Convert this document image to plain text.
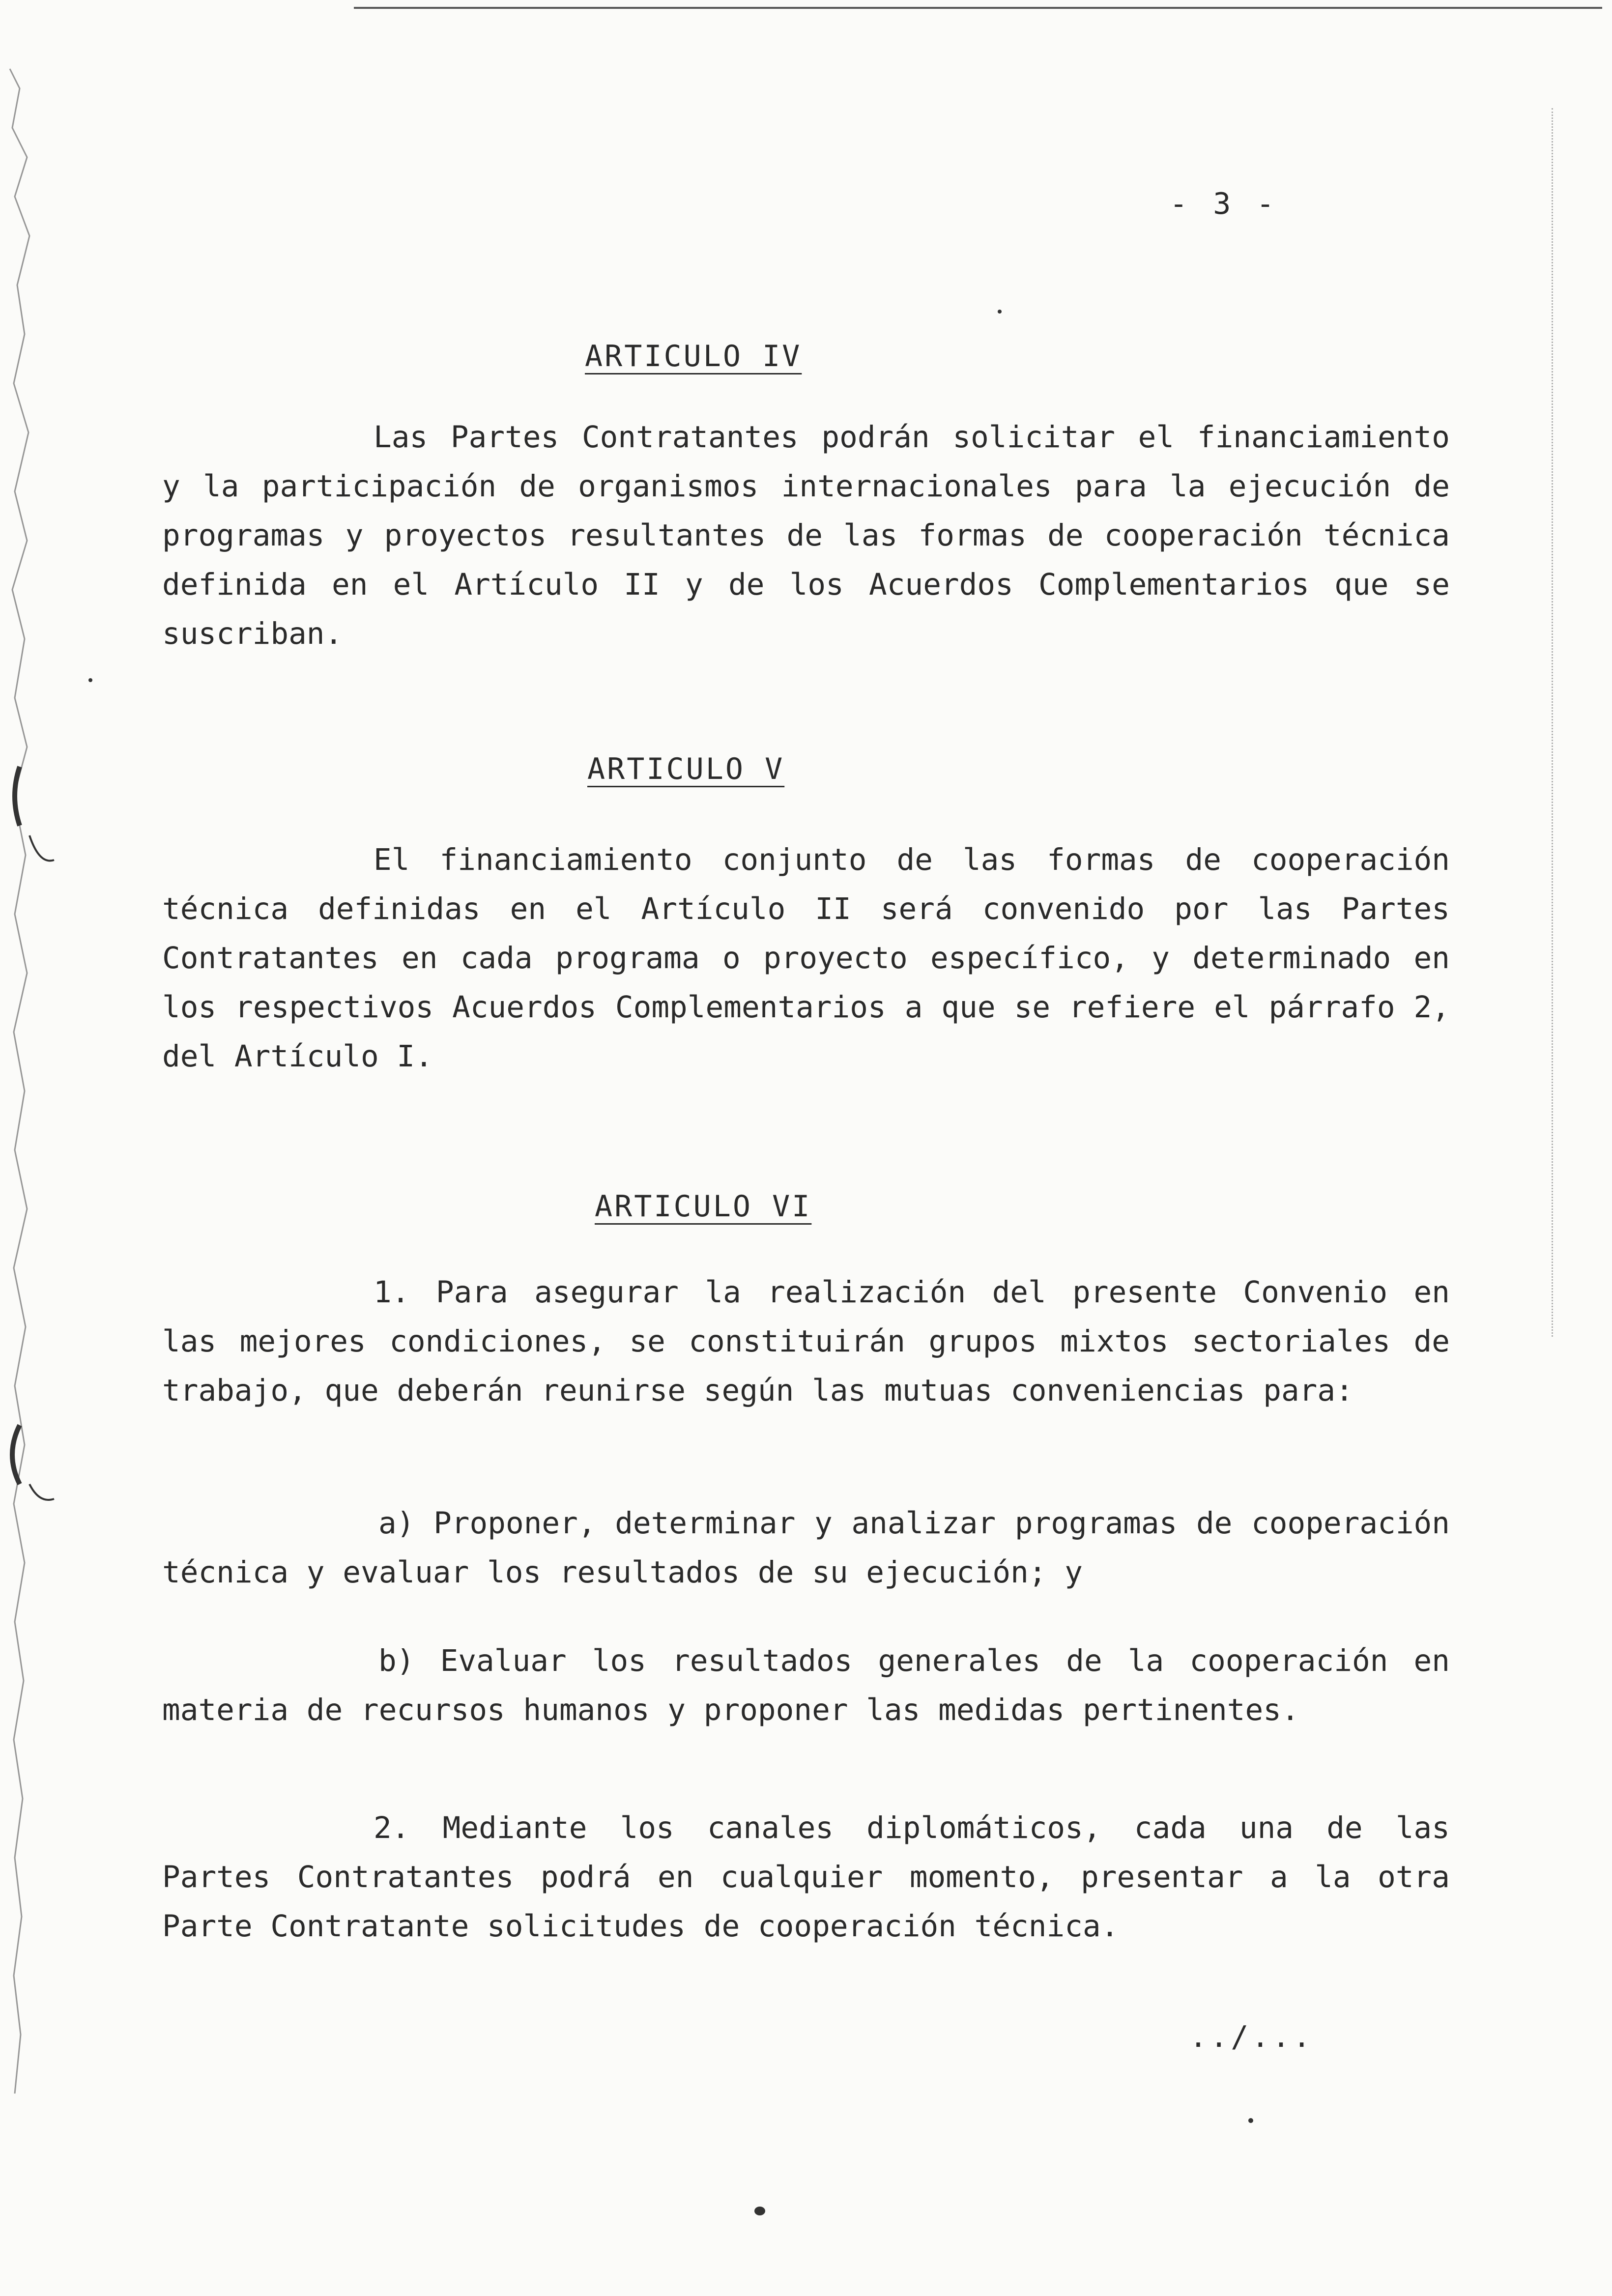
- 3 -
ARTICULO IV

Las Partes Contratantes podrán solicitar el financiamiento y la participación de organismos internacionales para la ejecución de programas y proyectos resultantes de las formas de cooperación técnica definida en el Artículo II y de los Acuerdos Complementarios que se suscriban.

ARTICULO V

El financiamiento conjunto de las formas de cooperación técnica definidas en el Artículo II será convenido por las Partes Contratantes en cada programa o proyecto específico, y determinado en los respectivos Acuerdos Complementarios a que se refiere el párrafo 2, del Artículo I.

ARTICULO VI

1. Para asegurar la realización del presente Convenio en las mejores condiciones, se constituirán grupos mixtos sectoriales de trabajo, que deberán reunirse según las mutuas conveniencias para:

a) Proponer, determinar y analizar programas de cooperación técnica y evaluar los resultados de su ejecución; y
b) Evaluar los resultados generales de la cooperación en materia de recursos humanos y proponer las medidas pertinentes.

2. Mediante los canales diplomáticos, cada una de las Partes Contratantes podrá en cualquier momento, presentar a la otra Parte Contratante solicitudes de cooperación técnica.

../...
